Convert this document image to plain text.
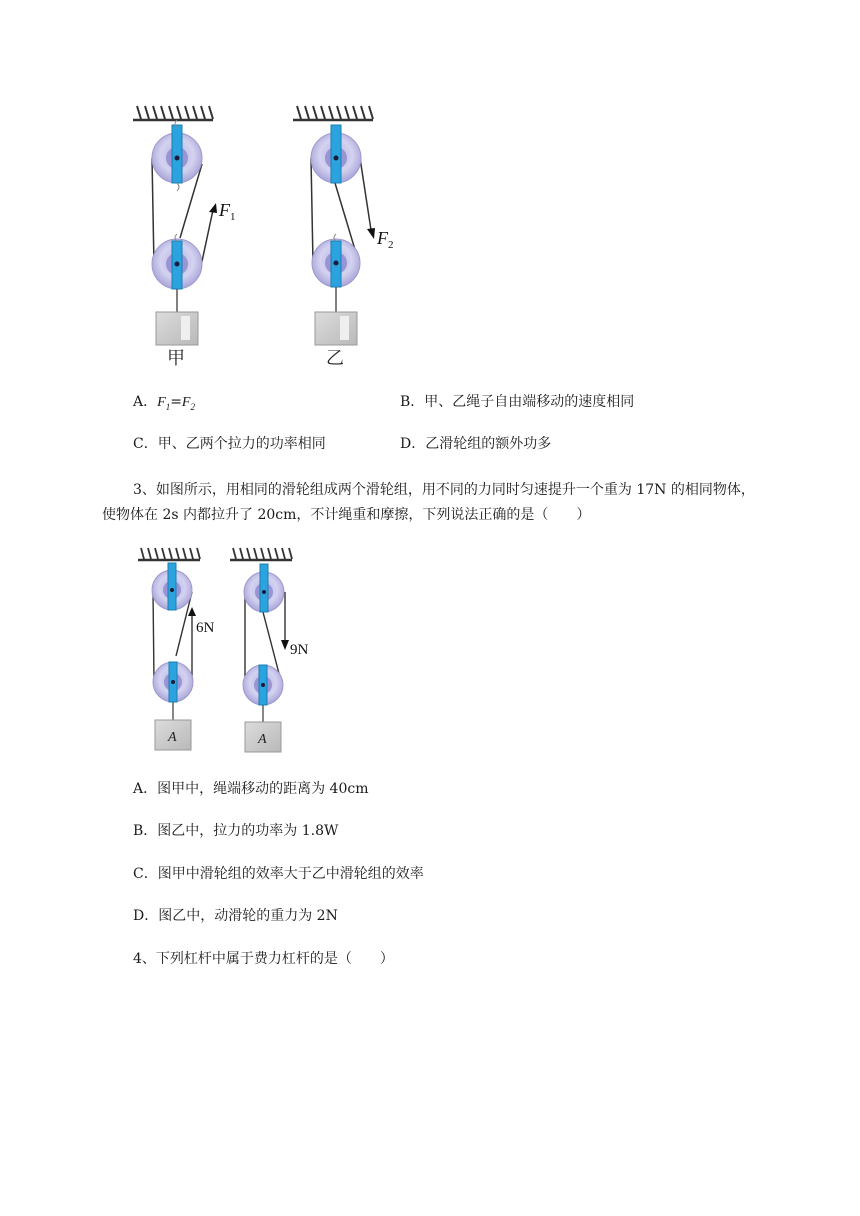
$F_1$
$F_2$
甲	乙
A．$F_1=F_2$	B．甲、乙绳子自由端移动的速度相同
C．甲、乙两个拉力的功率相同	D．乙滑轮组的额外功多
3、如图所示，用相同的滑轮组成两个滑轮组，用不同的力同时匀速提升一个重为 17N 的相同物体，
使物体在 2s 内都拉升了 20cm，不计绳重和摩擦，下列说法正确的是（　　）
6N
9N
A	A
A．图甲中，绳端移动的距离为 40cm
B．图乙中，拉力的功率为 1.8W
C．图甲中滑轮组的效率大于乙中滑轮组的效率
D．图乙中，动滑轮的重力为 2N
4、下列杠杆中属于费力杠杆的是（　　）
